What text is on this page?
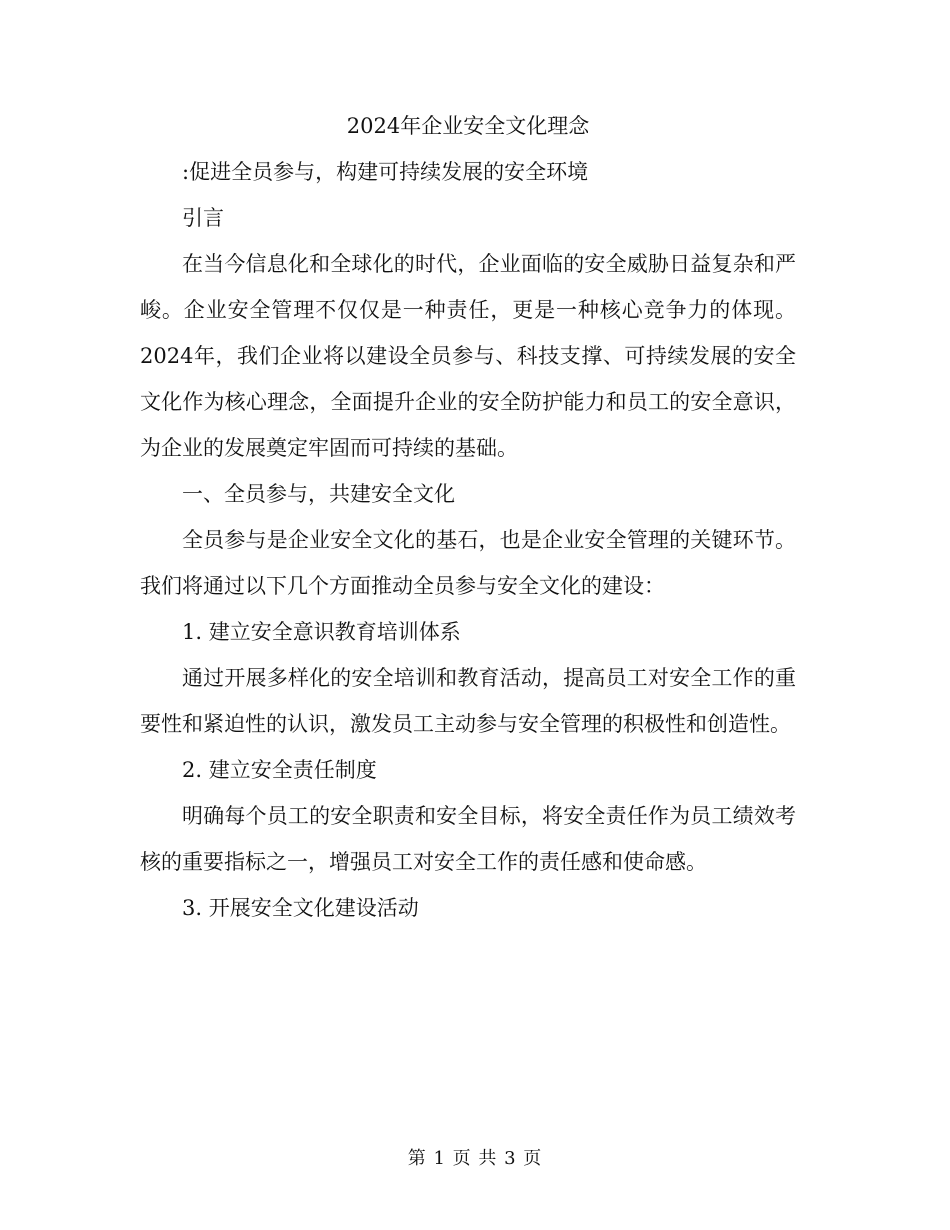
2024年企业安全文化理念

:促进全员参与，构建可持续发展的安全环境

引言

在当今信息化和全球化的时代，企业面临的安全威胁日益复杂和严峻。企业安全管理不仅仅是一种责任，更是一种核心竞争力的体现。2024年，我们企业将以建设全员参与、科技支撑、可持续发展的安全文化作为核心理念，全面提升企业的安全防护能力和员工的安全意识，为企业的发展奠定牢固而可持续的基础。

一、全员参与，共建安全文化

全员参与是企业安全文化的基石，也是企业安全管理的关键环节。我们将通过以下几个方面推动全员参与安全文化的建设：

1. 建立安全意识教育培训体系

通过开展多样化的安全培训和教育活动，提高员工对安全工作的重要性和紧迫性的认识，激发员工主动参与安全管理的积极性和创造性。

2. 建立安全责任制度

明确每个员工的安全职责和安全目标，将安全责任作为员工绩效考核的重要指标之一，增强员工对安全工作的责任感和使命感。

3. 开展安全文化建设活动

第 1 页 共 3 页
